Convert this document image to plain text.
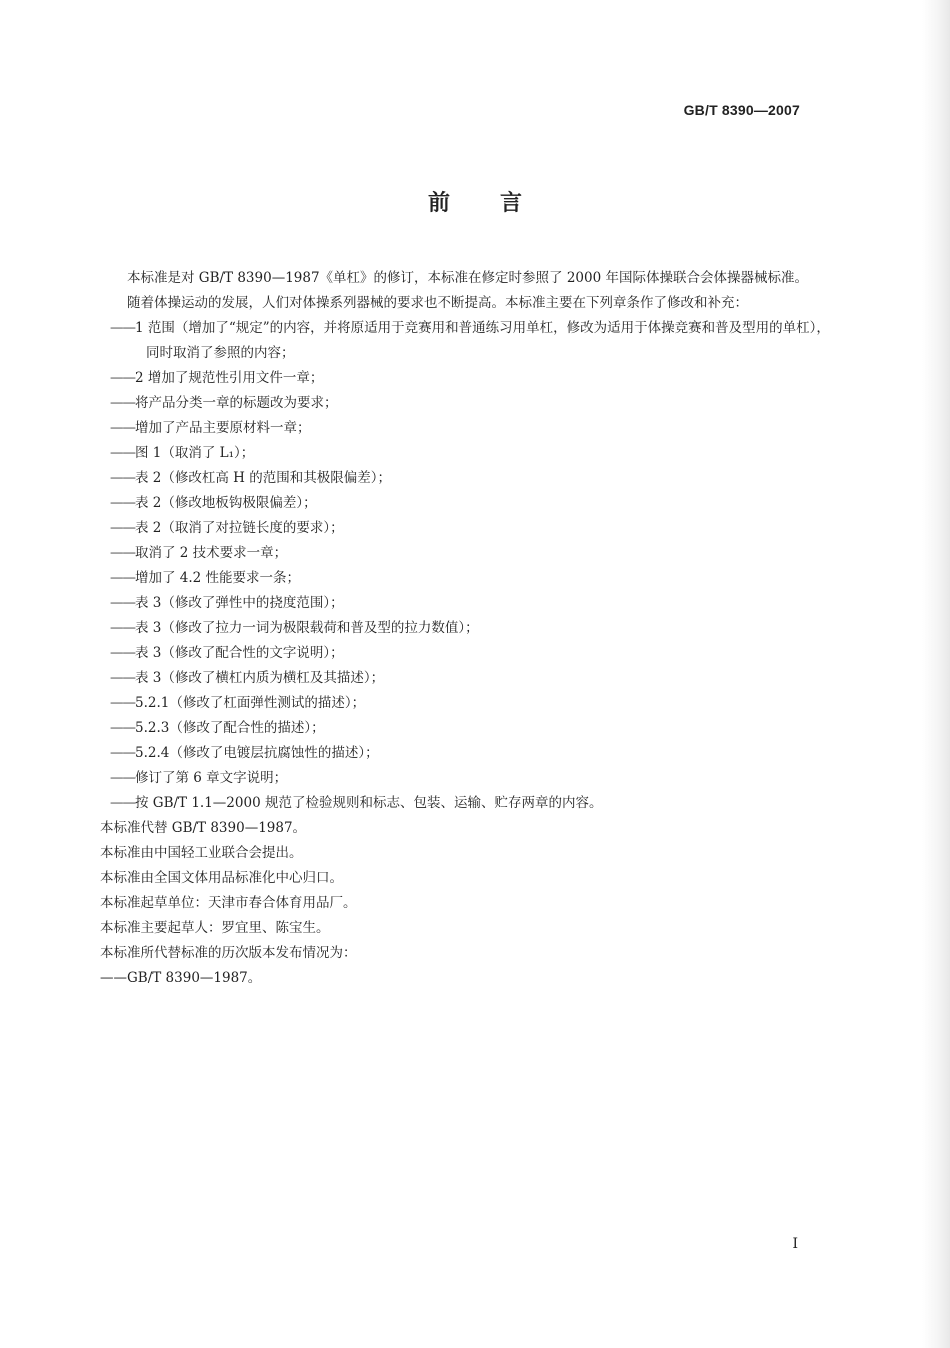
GB/T 8390—2007
前言

本标准是对 GB/T 8390—1987《单杠》的修订，本标准在修定时参照了 2000 年国际体操联合会体操器械标准。

随着体操运动的发展，人们对体操系列器械的要求也不断提高。本标准主要在下列章条作了修改和补充：

——1 范围（增加了“规定”的内容，并将原适用于竞赛用和普通练习用单杠，修改为适用于体操竞赛和普及型用的单杠），同时取消了参照的内容；
——2 增加了规范性引用文件一章；
——将产品分类一章的标题改为要求；
——增加了产品主要原材料一章；
——图 1（取消了 L₁）；
——表 2（修改杠高 H 的范围和其极限偏差）；
——表 2（修改地板钩极限偏差）；
——表 2（取消了对拉链长度的要求）；
——取消了 2 技术要求一章；
——增加了 4.2 性能要求一条；
——表 3（修改了弹性中的挠度范围）；
——表 3（修改了拉力一词为极限载荷和普及型的拉力数值）；
——表 3（修改了配合性的文字说明）；
——表 3（修改了横杠内质为横杠及其描述）；
——5.2.1（修改了杠面弹性测试的描述）；
——5.2.3（修改了配合性的描述）；
——5.2.4（修改了电镀层抗腐蚀性的描述）；
——修订了第 6 章文字说明；
——按 GB/T 1.1—2000 规范了检验规则和标志、包装、运输、贮存两章的内容。
本标准代替 GB/T 8390—1987。
本标准由中国轻工业联合会提出。
本标准由全国文体用品标准化中心归口。
本标准起草单位：天津市春合体育用品厂。
本标准主要起草人：罗宜里、陈宝生。
本标准所代替标准的历次版本发布情况为：
——GB/T 8390—1987。
I
